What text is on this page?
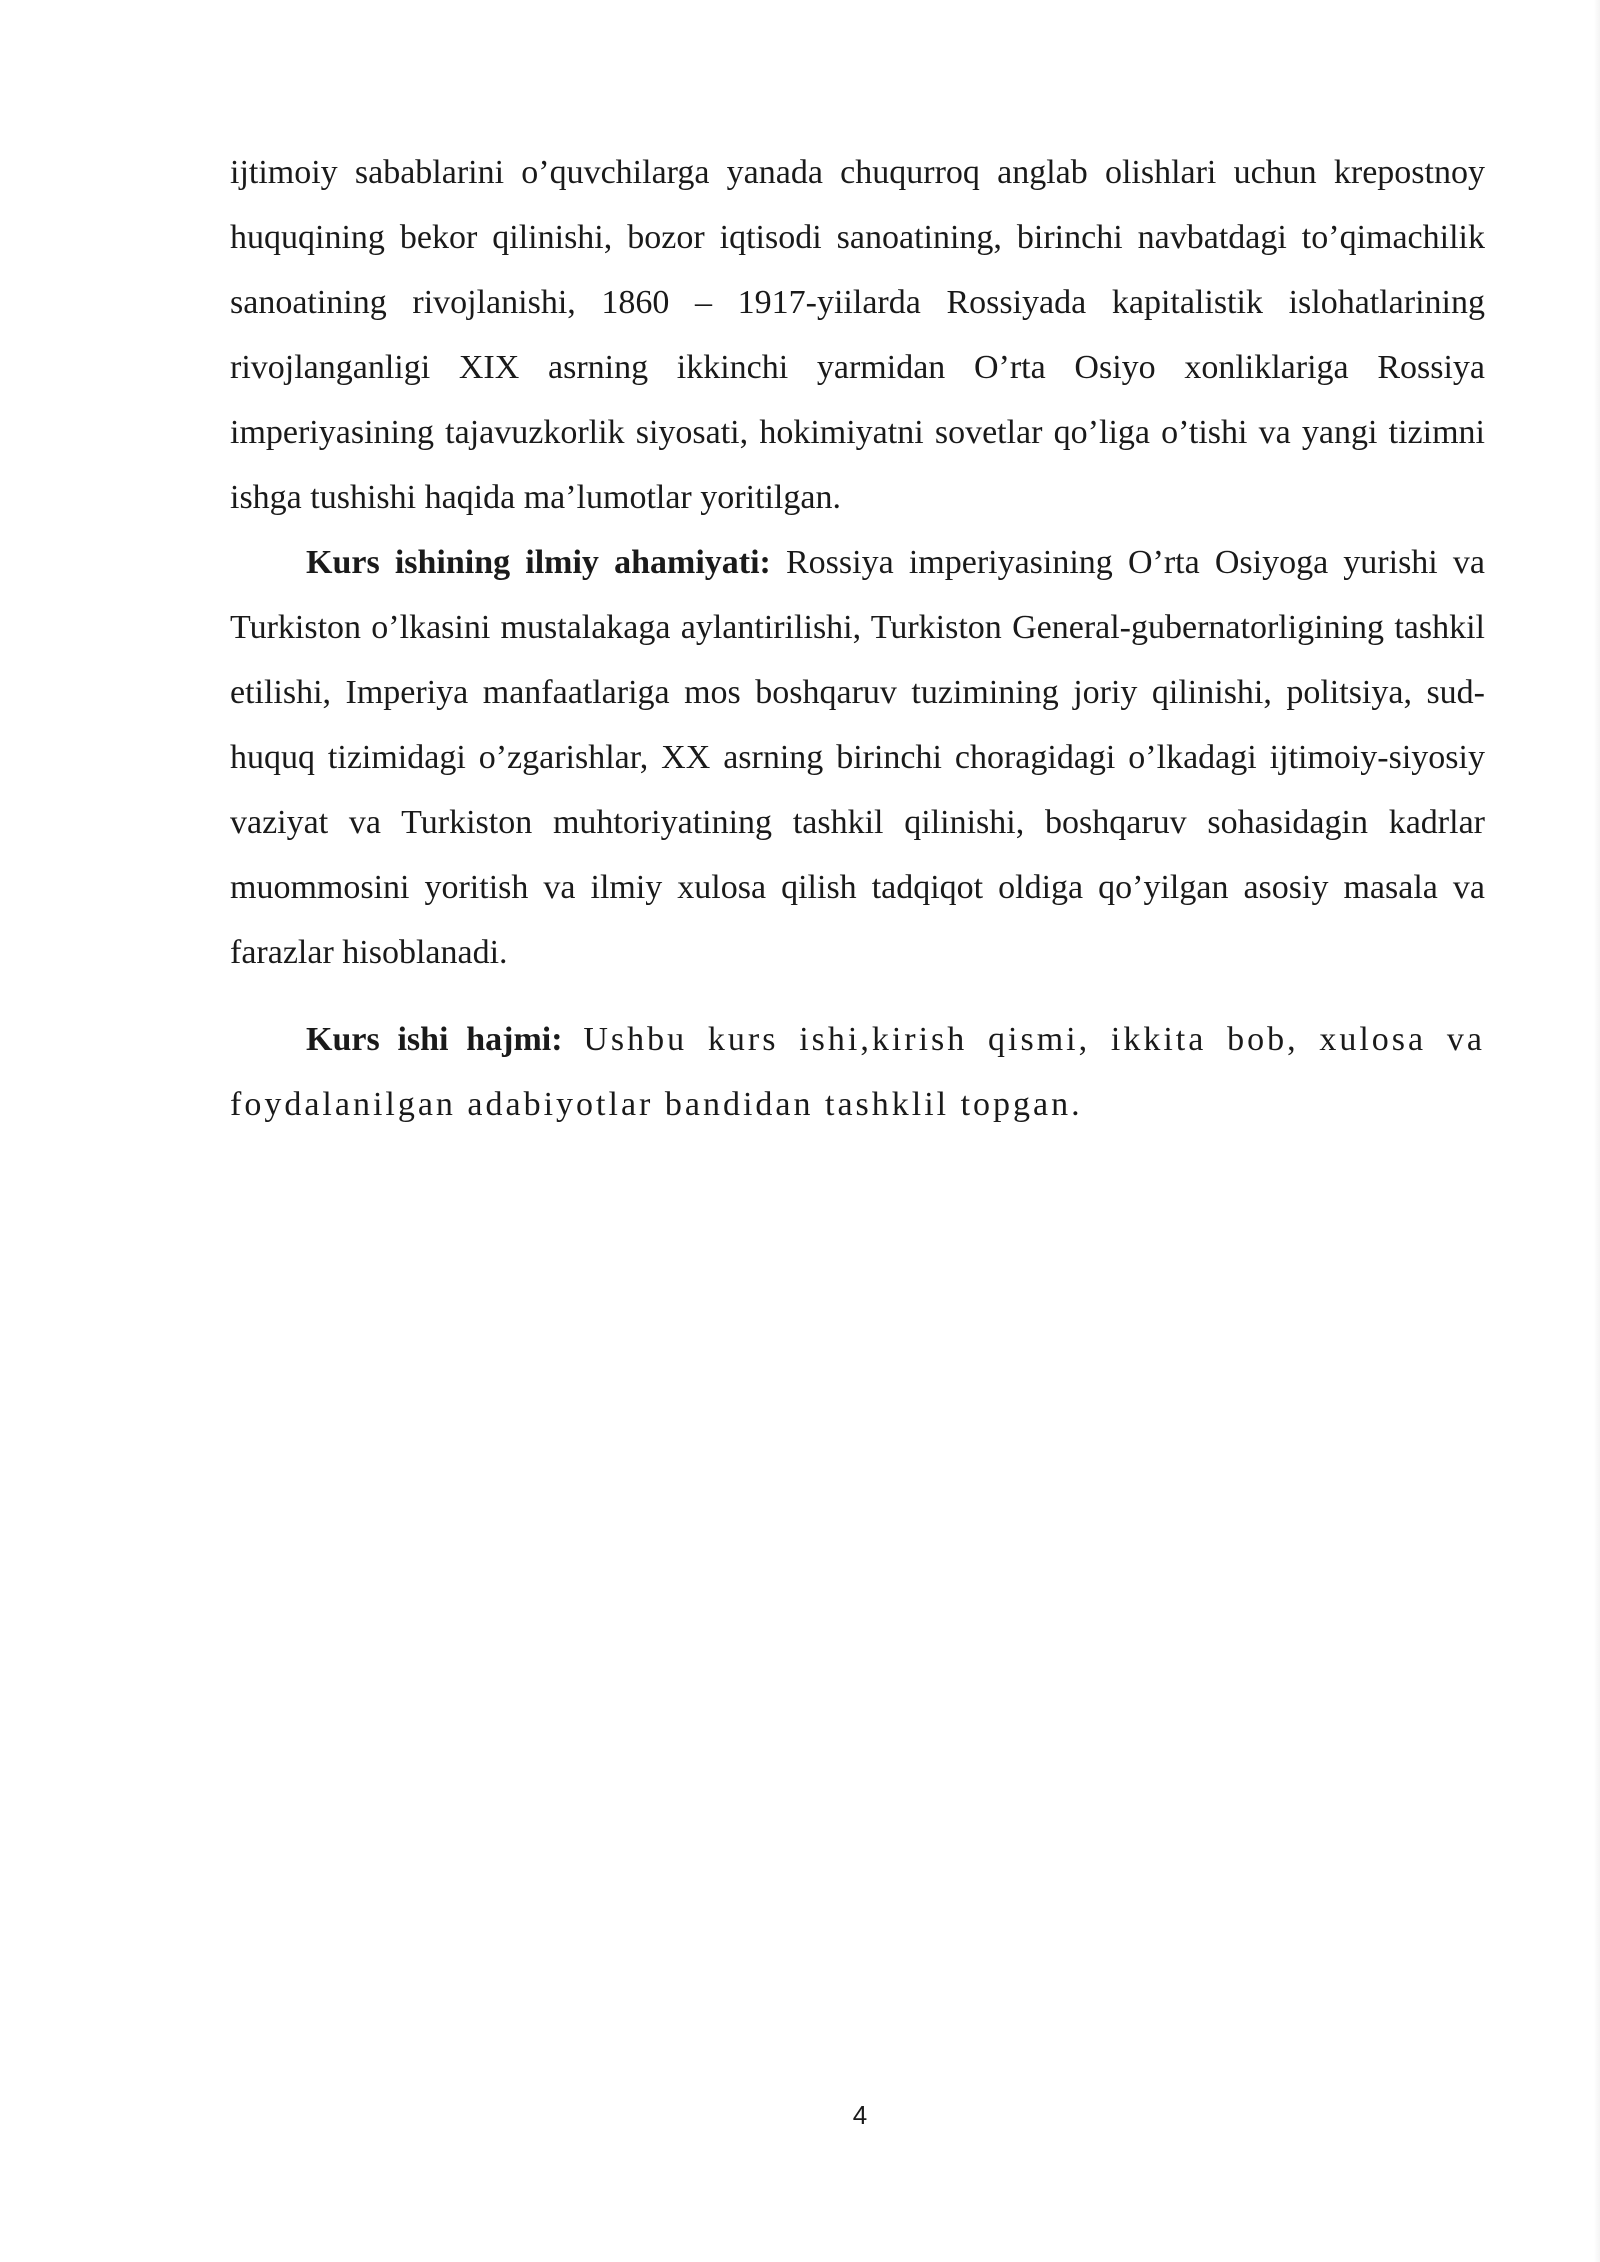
ijtimoiy sabablarini o’quvchilarga yanada chuqurroq anglab olishlari uchun krepostnoy huquqining bekor qilinishi, bozor iqtisodi sanoatining, birinchi navbatdagi to’qimachilik sanoatining rivojlanishi, 1860 – 1917-yiilarda Rossiyada kapitalistik islohatlarining rivojlanganligi XIX asrning ikkinchi yarmidan O’rta Osiyo xonliklariga Rossiya imperiyasining tajavuzkorlik siyosati, hokimiyatni sovetlar qo’liga o’tishi va yangi tizimni ishga tushishi haqida ma’lumotlar yoritilgan.

Kurs ishining ilmiy ahamiyati: Rossiya imperiyasining O’rta Osiyoga yurishi va Turkiston o’lkasini mustalakaga aylantirilishi, Turkiston General-gubernatorligining tashkil etilishi, Imperiya manfaatlariga mos boshqaruv tuzimining joriy qilinishi, politsiya, sud-huquq tizimidagi o’zgarishlar, XX asrning birinchi choragidagi o’lkadagi ijtimoiy-siyosiy vaziyat va Turkiston muhtoriyatining tashkil qilinishi, boshqaruv sohasidagin kadrlar muommosini yoritish va ilmiy xulosa qilish tadqiqot oldiga qo’yilgan asosiy masala va farazlar hisoblanadi.

Kurs ishi hajmi: Ushbu kurs ishi,kirish qismi, ikkita bob, xulosa va foydalanilgan adabiyotlar bandidan tashklil topgan.

4
